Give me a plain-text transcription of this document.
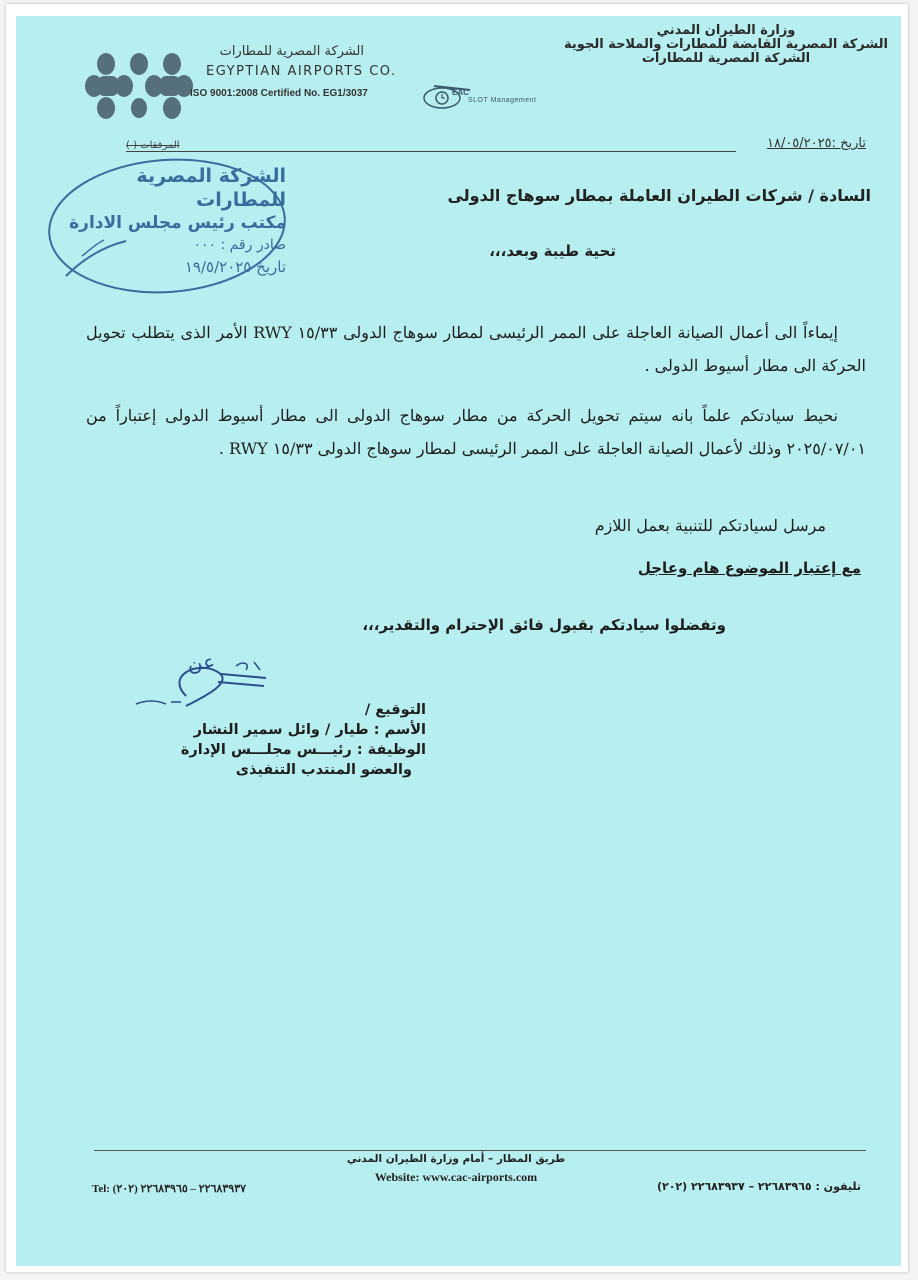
وزارة الطيران المدني
الشركة المصرية القابضة للمطارات والملاحة الجوية
الشركة المصرية للمطارات
الشركة المصرية للمطارات
EGYPTIAN AIRPORTS CO.
ISO 9001:2008 Certified No. EG1/3037	EAC
SLOT Management
المرفقات ( )	تاريخ :١٨/٠٥/٢٠٢٥
الشركة المصرية للمطارات
مكتب رئيس مجلس الادارة
صادر رقم : ٠٠٠
تاريخ ١٩/٥/٢٠٢٥
السادة / شركات الطيران العاملة بمطار سوهاج الدولى
تحية طيبة وبعد،،،
إيماءاً الى أعمال الصيانة العاجلة على الممر الرئيسى لمطار سوهاج الدولى ١٥/٣٣ RWY الأمر الذى يتطلب تحويل الحركة الى مطار أسيوط الدولى .
نحيط سيادتكم علماً بانه سيتم تحويل الحركة من مطار سوهاج الدولى الى مطار أسيوط الدولى إعتباراً من ٢٠٢٥/٠٧/٠١ وذلك لأعمال الصيانة العاجلة على الممر الرئيسى لمطار سوهاج الدولى ١٥/٣٣ RWY .
مرسل لسيادتكم للتنبية بعمل اللازم
مع إعتبار الموضوع هام وعاجل
وتفضلوا سيادتكم بقبول فائق الإحترام والتقدير،،،
عن
التوقيع /
الأسم : طيار / وائل سمير النشار
الوظيفة : رئيـــس مجلـــس الإدارة
والعضو المنتدب التنفيذى
طريق المطار – أمام وزارة الطيران المدني
Website: www.cac-airports.com
Tel: (٢٠٢) ٢٢٦٨٣٩٣٧ – ٢٢٦٨٣٩٦٥	تليفون : ٢٢٦٨٣٩٦٥ – ٢٢٦٨٣٩٣٧ (٢٠٢)
